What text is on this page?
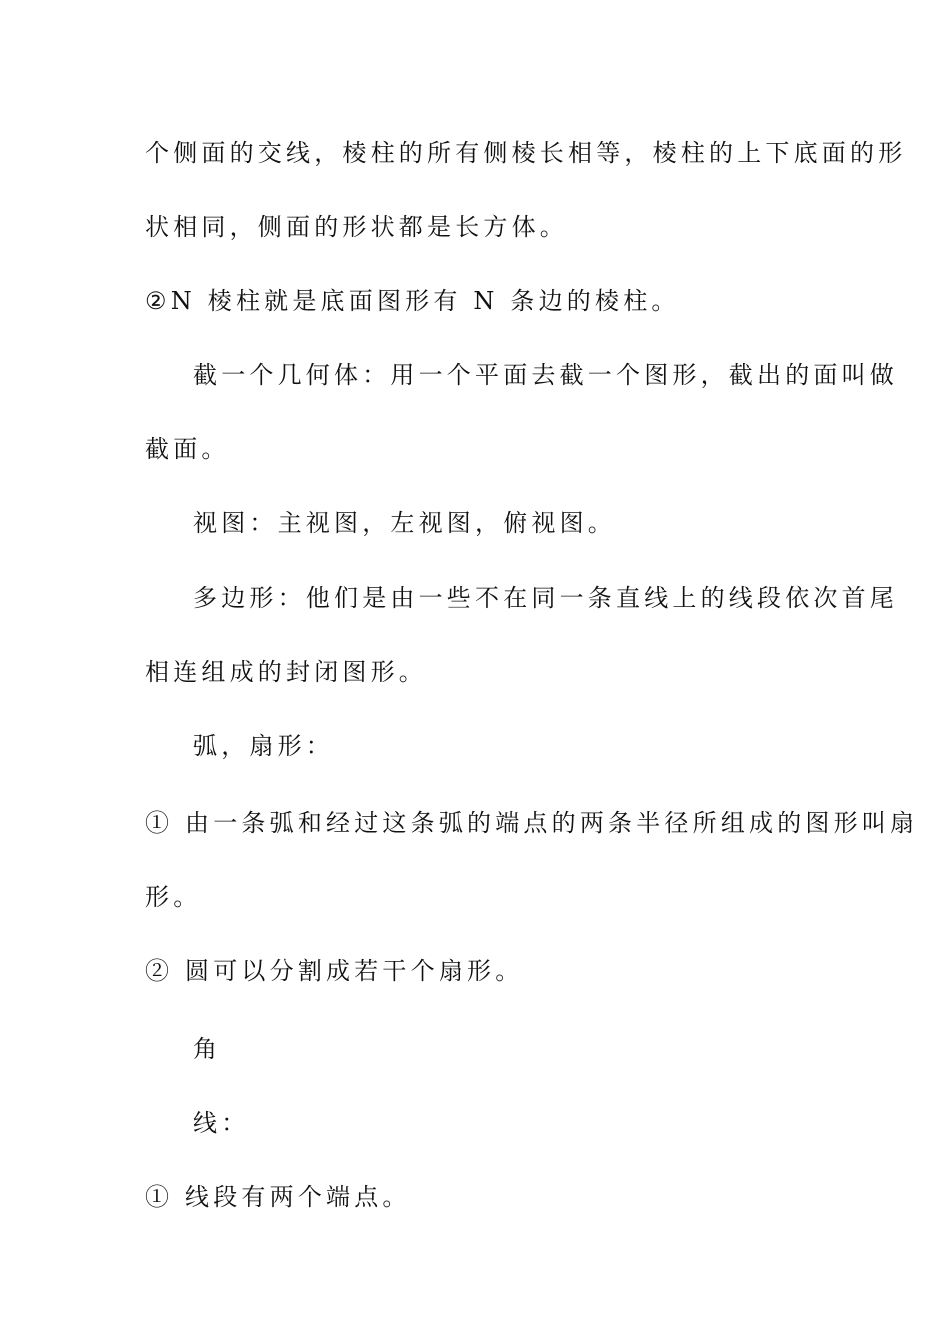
个侧面的交线，棱柱的所有侧棱长相等，棱柱的上下底面的形
状相同，侧面的形状都是长方体。
②N 棱柱就是底面图形有 N 条边的棱柱。
截一个几何体：用一个平面去截一个图形，截出的面叫做
截面。
视图：主视图，左视图，俯视图。
多边形：他们是由一些不在同一条直线上的线段依次首尾
相连组成的封闭图形。
弧，扇形：
① 由一条弧和经过这条弧的端点的两条半径所组成的图形叫扇
形。
② 圆可以分割成若干个扇形。
角
线：
① 线段有两个端点。
